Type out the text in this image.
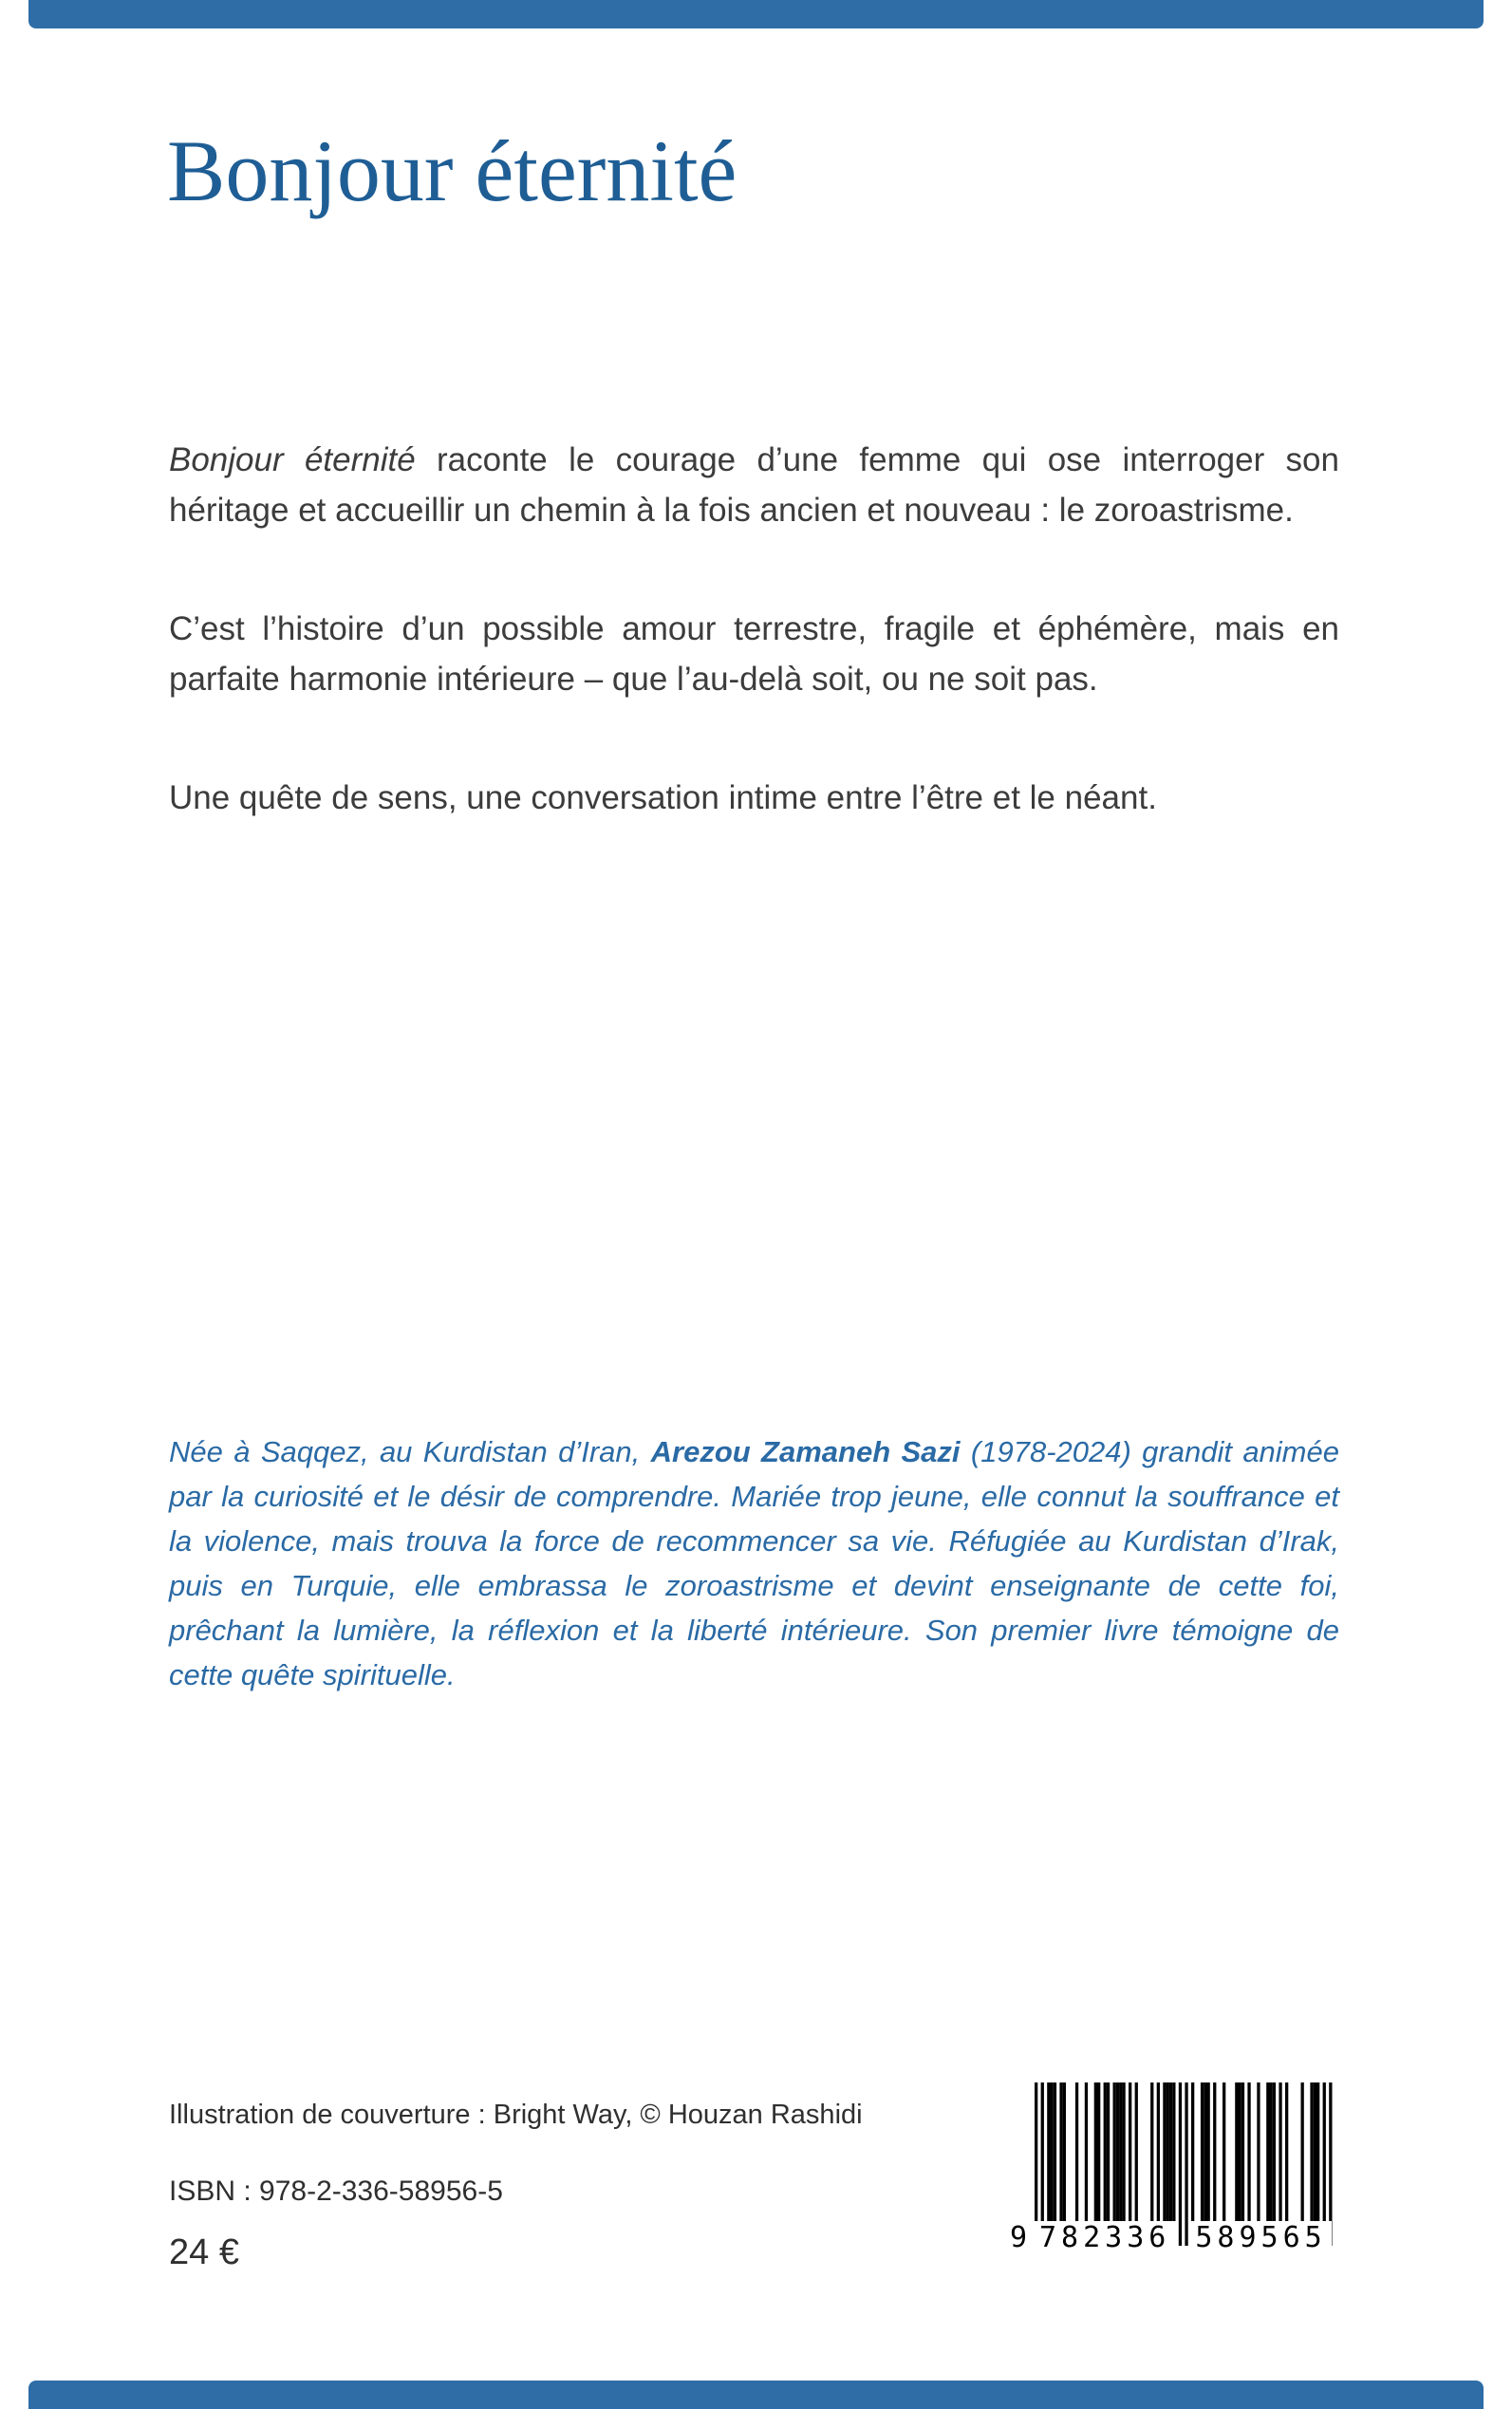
Bonjour éternité

Bonjour éternité raconte le courage d’une femme qui ose interroger son héritage et accueillir un chemin à la fois ancien et nouveau : le zoroastrisme.

C’est l’histoire d’un possible amour terrestre, fragile et éphémère, mais en parfaite harmonie intérieure – que l’au-delà soit, ou ne soit pas.

Une quête de sens, une conversation intime entre l’être et le néant.

Née à Saqqez, au Kurdistan d’Iran, Arezou Zamaneh Sazi (1978-2024) grandit animée par la curiosité et le désir de comprendre. Mariée trop jeune, elle connut la souffrance et la violence, mais trouva la force de recommencer sa vie. Réfugiée au Kurdistan d’Irak, puis en Turquie, elle embrassa le zoroastrisme et devint enseignante de cette foi, prêchant la lumière, la réflexion et la liberté intérieure. Son premier livre témoigne de cette quête spirituelle.

Illustration de couverture : Bright Way, © Houzan Rashidi

ISBN : 978-2-336-58956-5

24 €	9 782336 589565
